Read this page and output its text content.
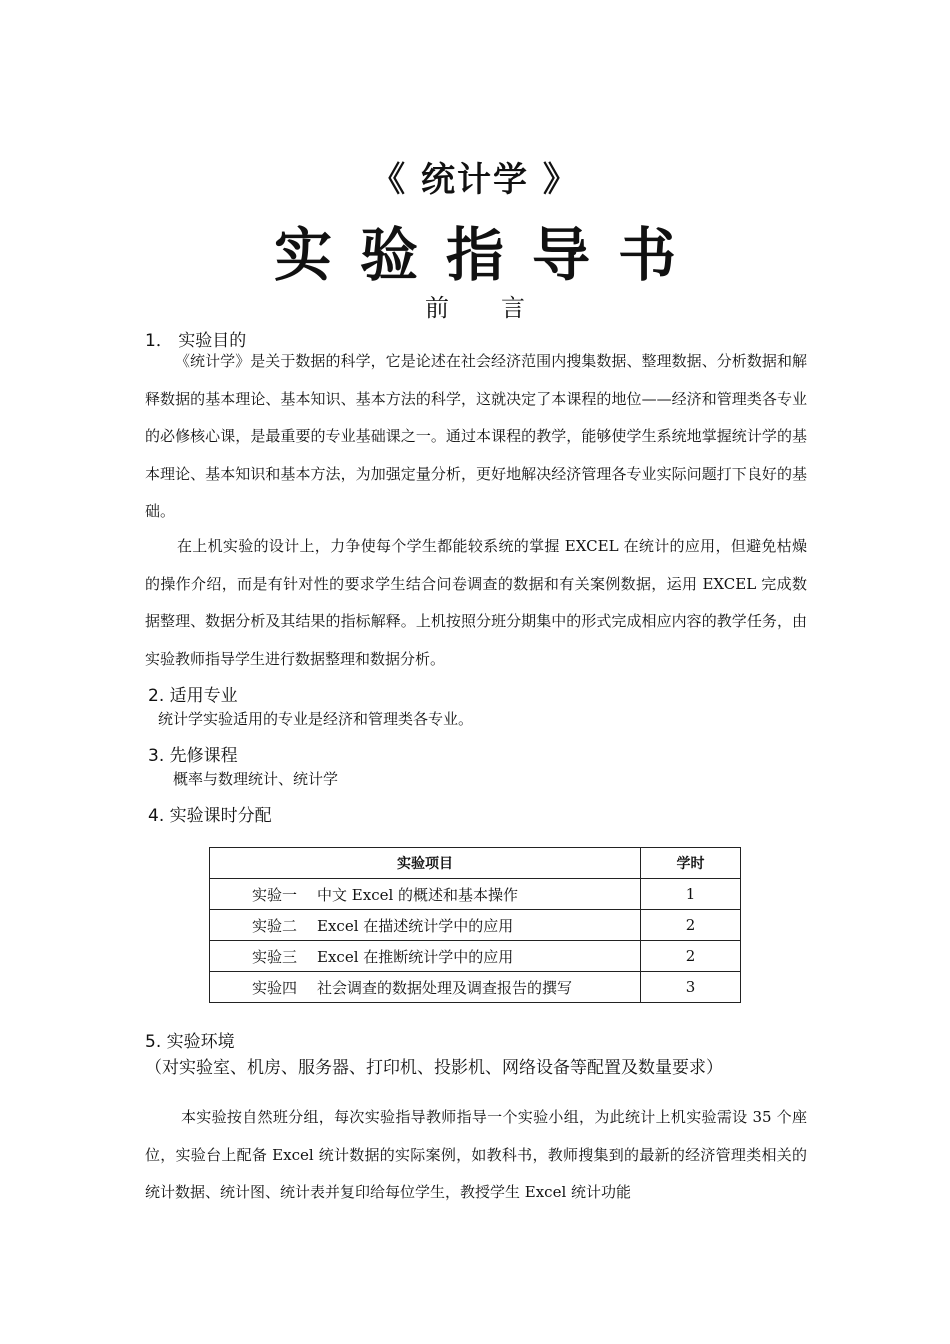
《 统计学 》
实验指导书
前言
1． 实验目的
《统计学》是关于数据的科学，它是论述在社会经济范围内搜集数据、整理数据、分析数据和解释数据的基本理论、基本知识、基本方法的科学，这就决定了本课程的地位——经济和管理类各专业的必修核心课，是最重要的专业基础课之一。通过本课程的教学，能够使学生系统地掌握统计学的基本理论、基本知识和基本方法，为加强定量分析，更好地解决经济管理各专业实际问题打下良好的基础。
在上机实验的设计上，力争使每个学生都能较系统的掌握 EXCEL 在统计的应用，但避免枯燥的操作介绍，而是有针对性的要求学生结合问卷调查的数据和有关案例数据，运用 EXCEL 完成数据整理、数据分析及其结果的指标解释。上机按照分班分期集中的形式完成相应内容的教学任务，由实验教师指导学生进行数据整理和数据分析。
2. 适用专业
统计学实验适用的专业是经济和管理类各专业。
3. 先修课程
概率与数理统计、统计学
4. 实验课时分配
实验项目	学时
实验一 中文 Excel 的概述和基本操作	1
实验二 Excel 在描述统计学中的应用	2
实验三 Excel 在推断统计学中的应用	2
实验四 社会调查的数据处理及调查报告的撰写	3
5. 实验环境（对实验室、机房、服务器、打印机、投影机、网络设备等配置及数量要求）
本实验按自然班分组，每次实验指导教师指导一个实验小组，为此统计上机实验需设 35 个座位，实验台上配备 Excel 统计数据的实际案例，如教科书，教师搜集到的最新的经济管理类相关的统计数据、统计图、统计表并复印给每位学生，教授学生 Excel 统计功能
